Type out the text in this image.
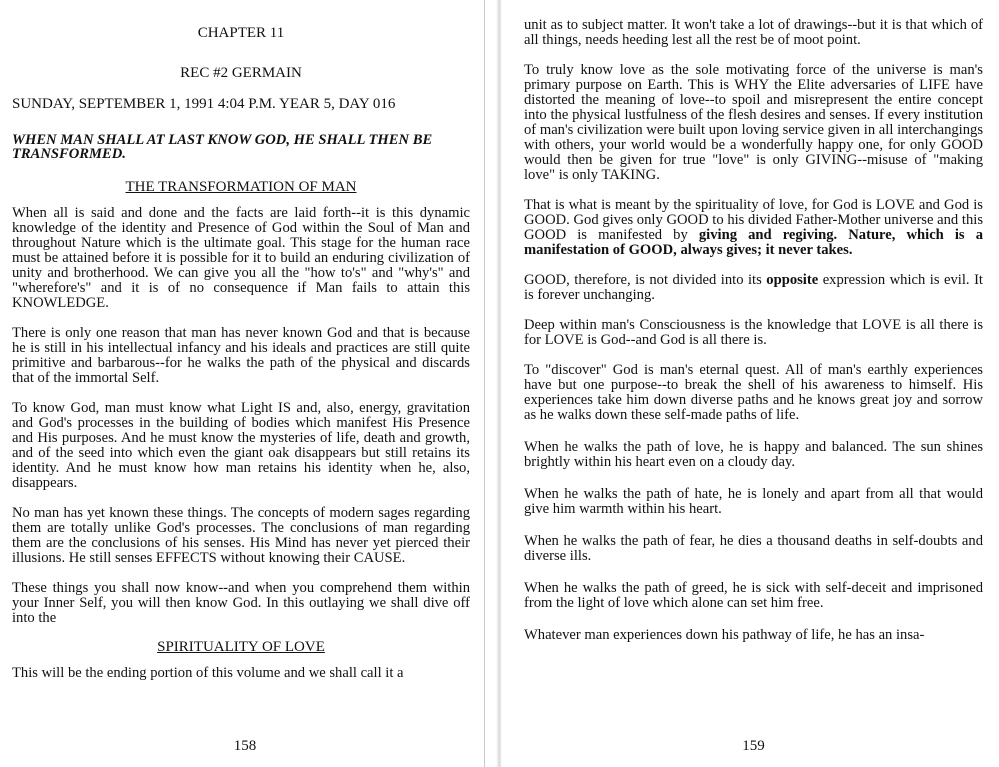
CHAPTER 11
REC #2 GERMAIN
SUNDAY, SEPTEMBER 1, 1991 4:04 P.M. YEAR 5, DAY 016
WHEN MAN SHALL AT LAST KNOW GOD, HE SHALL THEN BE TRANSFORMED.
THE TRANSFORMATION OF MAN

When all is said and done and the facts are laid forth--it is this dynamic knowledge of the identity and Presence of God within the Soul of Man and throughout Nature which is the ultimate goal. This stage for the human race must be attained before it is possible for it to build an enduring civilization of unity and brotherhood. We can give you all the "how to's" and "why's" and "wherefore's" and it is of no consequence if Man fails to attain this KNOWLEDGE.

There is only one reason that man has never known God and that is because he is still in his intellectual infancy and his ideals and practices are still quite primitive and barbarous--for he walks the path of the physical and discards that of the immortal Self.

To know God, man must know what Light IS and, also, energy, gravitation and God's processes in the building of bodies which manifest His Presence and His purposes. And he must know the mysteries of life, death and growth, and of the seed into which even the giant oak disappears but still retains its identity. And he must know how man retains his identity when he, also, disappears.

No man has yet known these things. The concepts of modern sages regarding them are totally unlike God's processes. The conclusions of man regarding them are the conclusions of his senses. His Mind has never yet pierced their illusions. He still senses EFFECTS without knowing their CAUSE.

These things you shall now know--and when you comprehend them within your Inner Self, you will then know God. In this outlaying we shall dive off into the

SPIRITUALITY OF LOVE

This will be the ending portion of this volume and we shall call it a

158

unit as to subject matter. It won't take a lot of drawings--but it is that which of all things, needs heeding lest all the rest be of moot point.

To truly know love as the sole motivating force of the universe is man's primary purpose on Earth. This is WHY the Elite adversaries of LIFE have distorted the meaning of love--to spoil and misrepresent the entire concept into the physical lustfulness of the flesh desires and senses. If every institution of man's civilization were built upon loving service given in all interchangings with others, your world would be a wonderfully happy one, for only GOOD would then be given for true "love" is only GIVING--misuse of "making love" is only TAKING.

That is what is meant by the spirituality of love, for God is LOVE and God is GOOD. God gives only GOOD to his divided Father-Mother universe and this GOOD is manifested by giving and regiving. Nature, which is a manifestation of GOOD, always gives; it never takes.

GOOD, therefore, is not divided into its opposite expression which is evil. It is forever unchanging.

Deep within man's Consciousness is the knowledge that LOVE is all there is for LOVE is God--and God is all there is.

To "discover" God is man's eternal quest. All of man's earthly experiences have but one purpose--to break the shell of his awareness to himself. His experiences take him down diverse paths and he knows great joy and sorrow as he walks down these self-made paths of life.

When he walks the path of love, he is happy and balanced. The sun shines brightly within his heart even on a cloudy day.

When he walks the path of hate, he is lonely and apart from all that would give him warmth within his heart.

When he walks the path of fear, he dies a thousand deaths in self-doubts and diverse ills.

When he walks the path of greed, he is sick with self-deceit and imprisoned from the light of love which alone can set him free.

Whatever man experiences down his pathway of life, he has an insa-

159
